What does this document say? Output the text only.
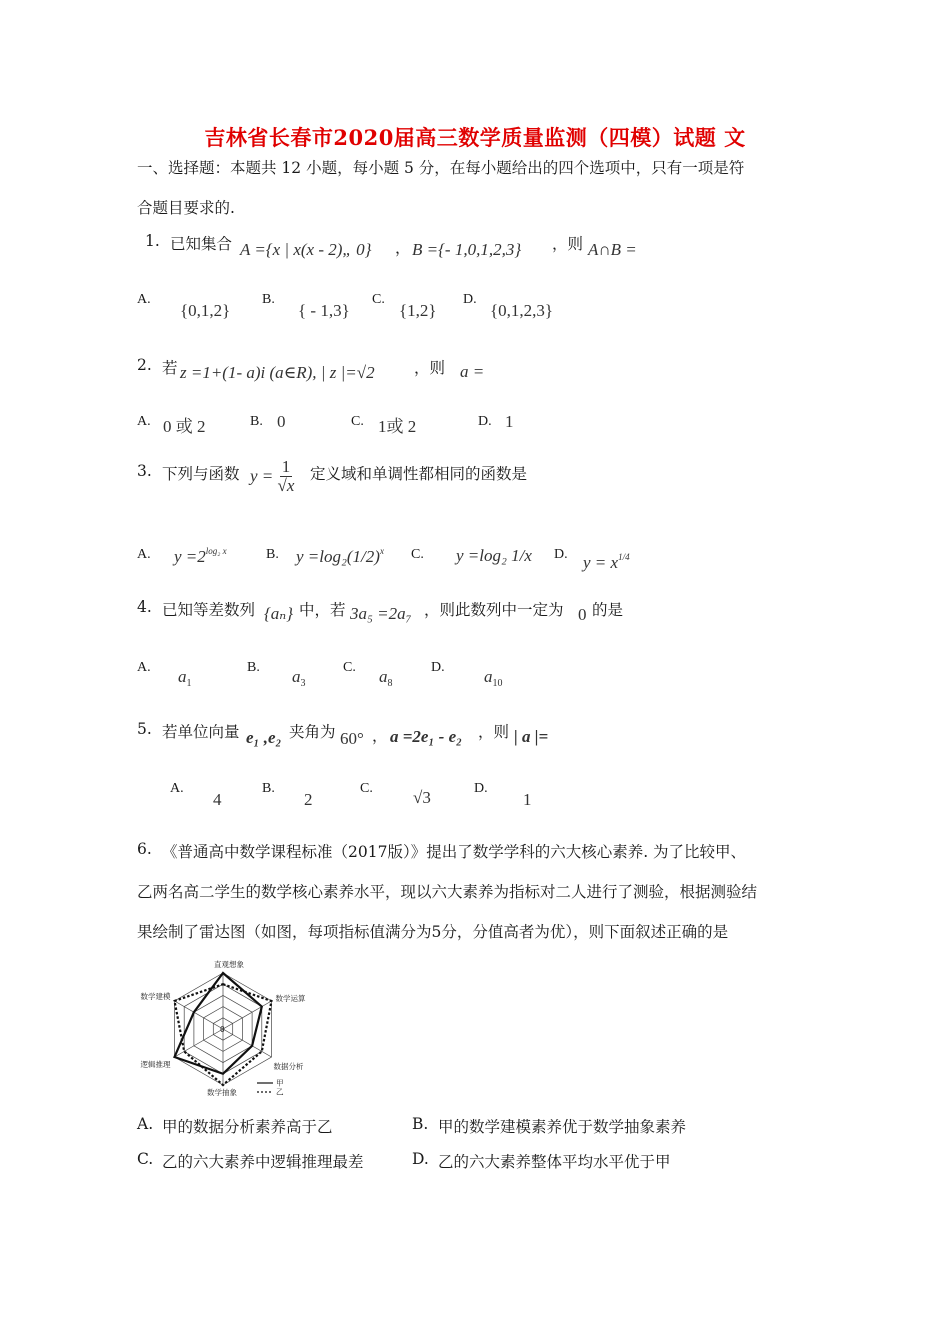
吉林省长春市2020届高三数学质量监测（四模）试题 文
一、选择题：本题共 12 小题，每小题 5 分，在每小题给出的四个选项中，只有一项是符
合题目要求的.
1. 已知集合 A ={x | x(x - 2)„ 0} ， B ={- 1,0,1,2,3} ，则 A∩B =
A.
{0,1,2}
B.
{ - 1,3}
C.
{1,2}
D.
{0,1,2,3}
2. 若 z =1+(1- a)i (a∈R), | z |=√2	，则 a =
A. 0 或 2	B. 0	C. 1或 2	D. 1
3. 下列与函数 $y = \frac{1}{√x}$ 定义域和单调性都相同的函数是
A. $y =2^{log_2 x}$	B. $y =\log_2(1/2)^x$ C. y =log₂ 1/x D. $y = x^{1/4}$
4. 已知等差数列 {aₙ} 中，若 3a₅ =2a₇ ，则此数列中一定为 0 的是
A. $a_1$
B. $a_3$
C. $a_8$
D. $a_{10}$
5. 若单位向量 e₁ ,e₂ 夹角为 60° ， a =2e₁ - e₂ ，则 | a |=
A.
4
B.
2
C. √3	D.
1
6. 《普通高中数学课程标准（2017版）》提出了数学学科的六大核心素养. 为了比较甲、
乙两名高二学生的数学核心素养水平，现以六大素养为指标对二人进行了测验，根据测验结
果绘制了雷达图（如图，每项指标值满分为5分，分值高者为优），则下面叙述正确的是
0
直观想象
数学运算
数据分析
数学抽象
逻辑推理
数学建模
甲
乙
A. 甲的数据分析素养高于乙	B. 甲的数学建模素养优于数学抽象素养
C. 乙的六大素养中逻辑推理最差	D. 乙的六大素养整体平均水平优于甲
